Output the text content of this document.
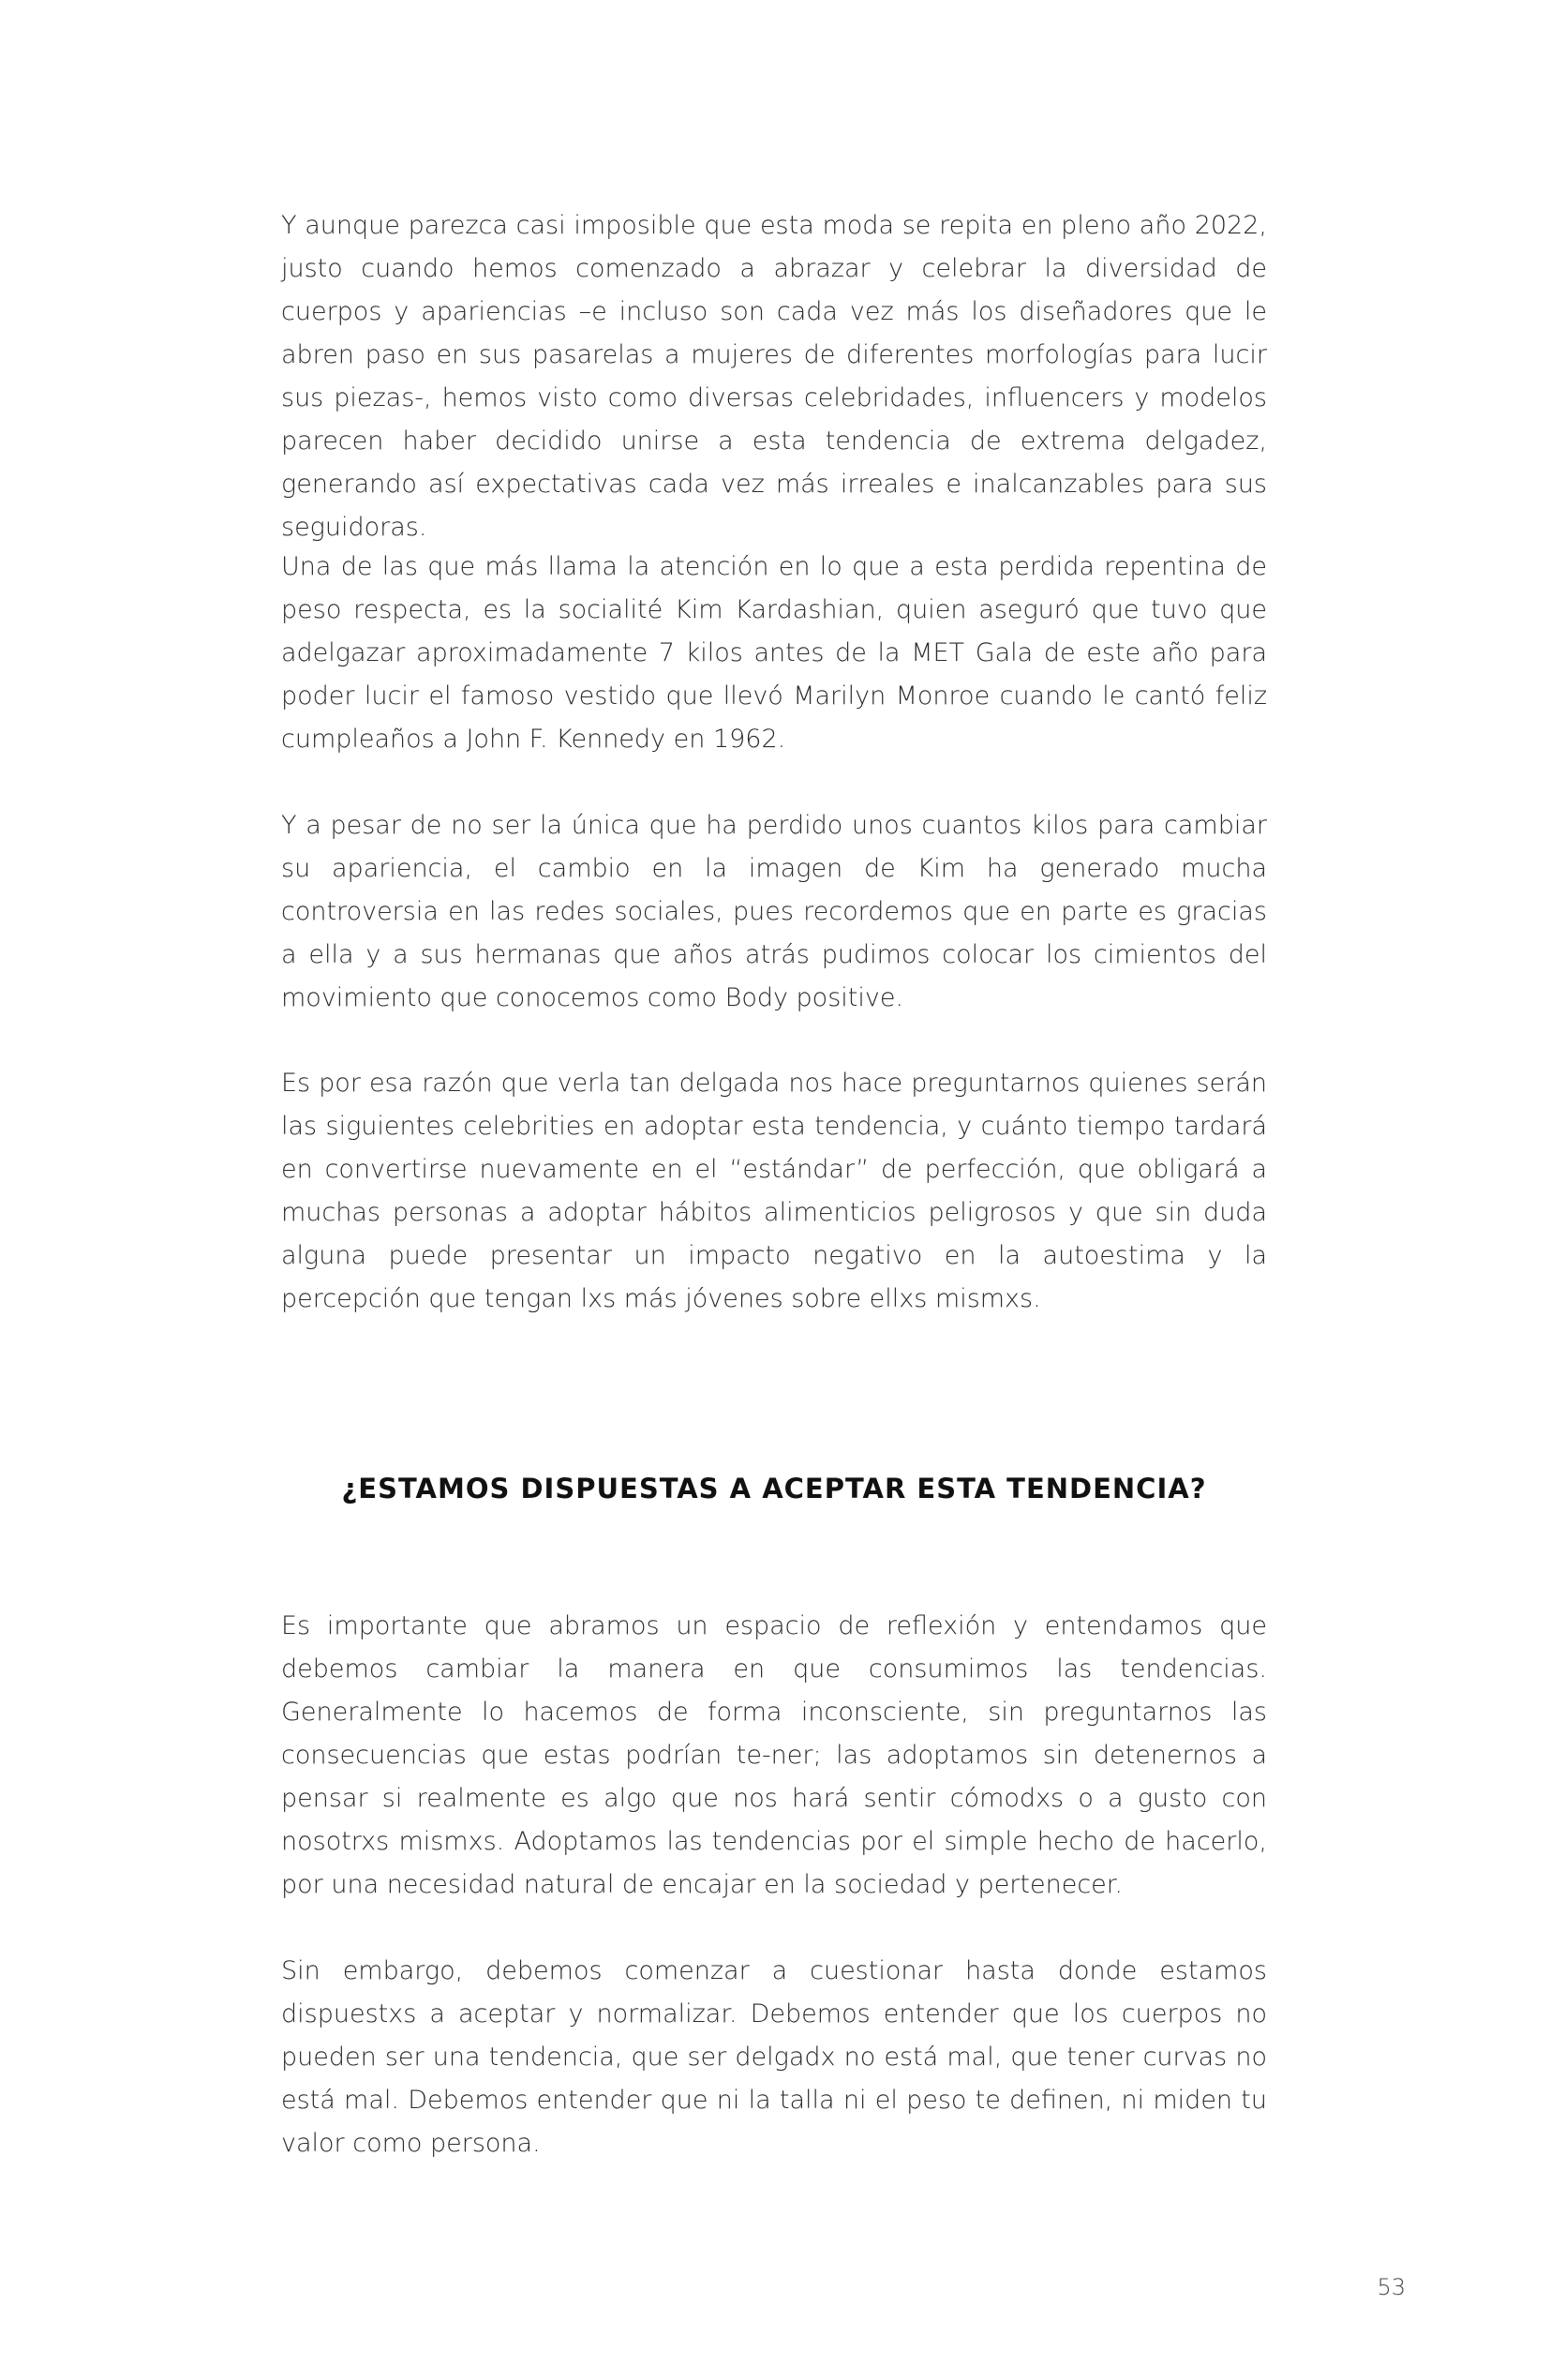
Y aunque parezca casi imposible que esta moda se repita en pleno año 2022, justo cuando hemos comenzado a abrazar y celebrar la diversidad de cuerpos y apariencias –e incluso son cada vez más los diseñadores que le abren paso en sus pasarelas a mujeres de diferentes morfologías para lucir sus piezas-, hemos visto como diversas celebridades, influencers y modelos parecen haber decidido unirse a esta tendencia de extrema delgadez, generando así expectativas cada vez más irreales e inalcanzables para sus seguidoras.

Una de las que más llama la atención en lo que a esta perdida repentina de peso respecta, es la socialité Kim Kardashian, quien aseguró que tuvo que adelgazar aproximadamente 7 kilos antes de la MET Gala de este año para poder lucir el famoso vestido que llevó Marilyn Monroe cuando le cantó feliz cumpleaños a John F. Kennedy en 1962.

Y a pesar de no ser la única que ha perdido unos cuantos kilos para cambiar su apariencia, el cambio en la imagen de Kim ha generado mucha controversia en las redes sociales, pues recordemos que en parte es gracias a ella y a sus hermanas que años atrás pudimos colocar los cimientos del movimiento que conocemos como Body positive.

Es por esa razón que verla tan delgada nos hace preguntarnos quienes serán las siguientes celebrities en adoptar esta tendencia, y cuánto tiempo tardará en convertirse nuevamente en el “estándar” de perfección, que obligará a muchas personas a adoptar hábitos alimenticios peligrosos y que sin duda alguna puede presentar un impacto negativo en la autoestima y la percepción que tengan lxs más jóvenes sobre ellxs mismxs.

¿ESTAMOS DISPUESTAS A ACEPTAR ESTA TENDENCIA?

Es importante que abramos un espacio de reflexión y entendamos que debemos cambiar la manera en que consumimos las tendencias. Generalmente lo hacemos de forma inconsciente, sin preguntarnos las consecuencias que estas podrían te-ner; las adoptamos sin detenernos a pensar si realmente es algo que nos hará sentir cómodxs o a gusto con nosotrxs mismxs. Adoptamos las tendencias por el simple hecho de hacerlo, por una necesidad natural de encajar en la sociedad y pertenecer.

Sin embargo, debemos comenzar a cuestionar hasta donde estamos dispuestxs a aceptar y normalizar. Debemos entender que los cuerpos no pueden ser una tendencia, que ser delgadx no está mal, que tener curvas no está mal. Debemos entender que ni la talla ni el peso te definen, ni miden tu valor como persona.

53
